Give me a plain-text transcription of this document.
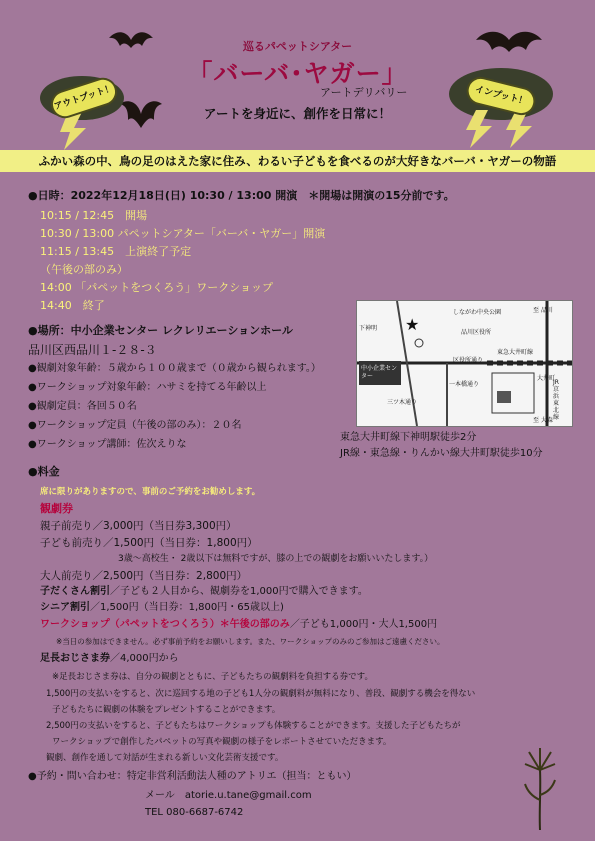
アウトプット！	インプット！
巡るパペットシアター
「バーバ･ヤガー」
アートデリバリー
アートを身近に、創作を日常に！
ふかい森の中、鳥の足のはえた家に住み、わるい子どもを食べるのが大好きなバーバ・ヤガーの物語
●日時：2022年12月18日(日) 10:30 / 13:00 開演　＊開場は開演の15分前です。
10:15 / 12:45　開場
10:30 / 13:00 パペットシアター「バーバ・ヤガー」開演
11:15 / 13:45　上演終了予定
（午後の部のみ）
14:00 「パペットをつくろう」ワークショップ
14:40　終了
●場所：中小企業センター レクレリエーションホール
品川区西品川１-２８-３
●観劇対象年齢：５歳から１００歳まで（０歳から観られます。）
●ワークショップ対象年齢：ハサミを持てる年齢以上
●観劇定員：各回５０名
●ワークショップ定員（午後の部のみ）：２０名
●ワークショップ講師：佐次えりな
★
しながわ中央公園
品川区役所
東急大井町線
区役所通り
一本橋通り
三ツ木通り
中小企業センター
至 品川
大井町
JR京浜東北線
至 大森
下神明
東急大井町線下神明駅徒歩2分
JR線・東急線・りんかい線大井町駅徒歩10分
●料金
席に限りがありますので、事前のご予約をお勧めします。
観劇券
親子前売り／3,000円（当日券3,300円）
子ども前売り／1,500円（当日券：1,800円）
3歳～高校生・ 2歳以下は無料ですが、膝の上での観劇をお願いいたします。）
大人前売り／2,500円（当日券：2,800円）
子だくさん割引／子ども２人目から、観劇券を1,000円で購入できます。
シニア割引／1,500円（当日券：1,800円・65歳以上)
ワークショップ（パペットをつくろう）＊午後の部のみ／子ども1,000円・大人1,500円
※当日の参加はできません。必ず事前予約をお願いします。また、ワークショップのみのご参加はご遠慮ください。
足長おじさま券／4,000円から
※足長おじさま券は、自分の観劇とともに、子どもたちの観劇料を負担する券です。
1,500円の支払いをすると、次に巡回する地の子ども1人分の観劇料が無料になり、普段、観劇する機会を得ない
子どもたちに観劇の体験をプレゼントすることができます。
2,500円の支払いをすると、子どもたちはワークショップも体験することができます。支援した子どもたちが
ワークショップで創作したパペットの写真や観劇の様子をレポートさせていただきます。
観劇、創作を通して対話が生まれる新しい文化芸術支援です。
●予約・問い合わせ：特定非営利活動法人種のアトリエ（担当：ともい）
メール　 atorie.u.tane@gmail.com
TEL 080-6687-6742
